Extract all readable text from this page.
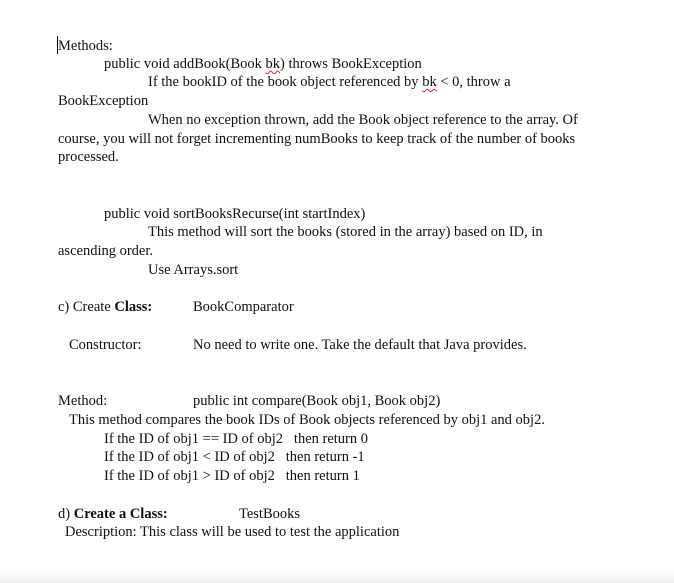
Methods:
public void addBook(Book bk) throws BookException
If the bookID of the book object referenced by bk < 0, throw a
BookException
When no exception thrown, add the Book object reference to the array. Of
course, you will not forget incrementing numBooks to keep track of the number of books
processed.
public void sortBooksRecurse(int startIndex)
This method will sort the books (stored in the array) based on ID, in
ascending order.
Use Arrays.sort
c) Create Class:	BookComparator
Constructor:	No need to write one. Take the default that Java provides.
Method:	public int compare(Book obj1, Book obj2)
This method compares the book IDs of Book objects referenced by obj1 and obj2.
If the ID of obj1 == ID of obj2   then return 0
If the ID of obj1 < ID of obj2   then return -1
If the ID of obj1 > ID of obj2   then return 1
d) Create a Class:	TestBooks
Description: This class will be used to test the application
